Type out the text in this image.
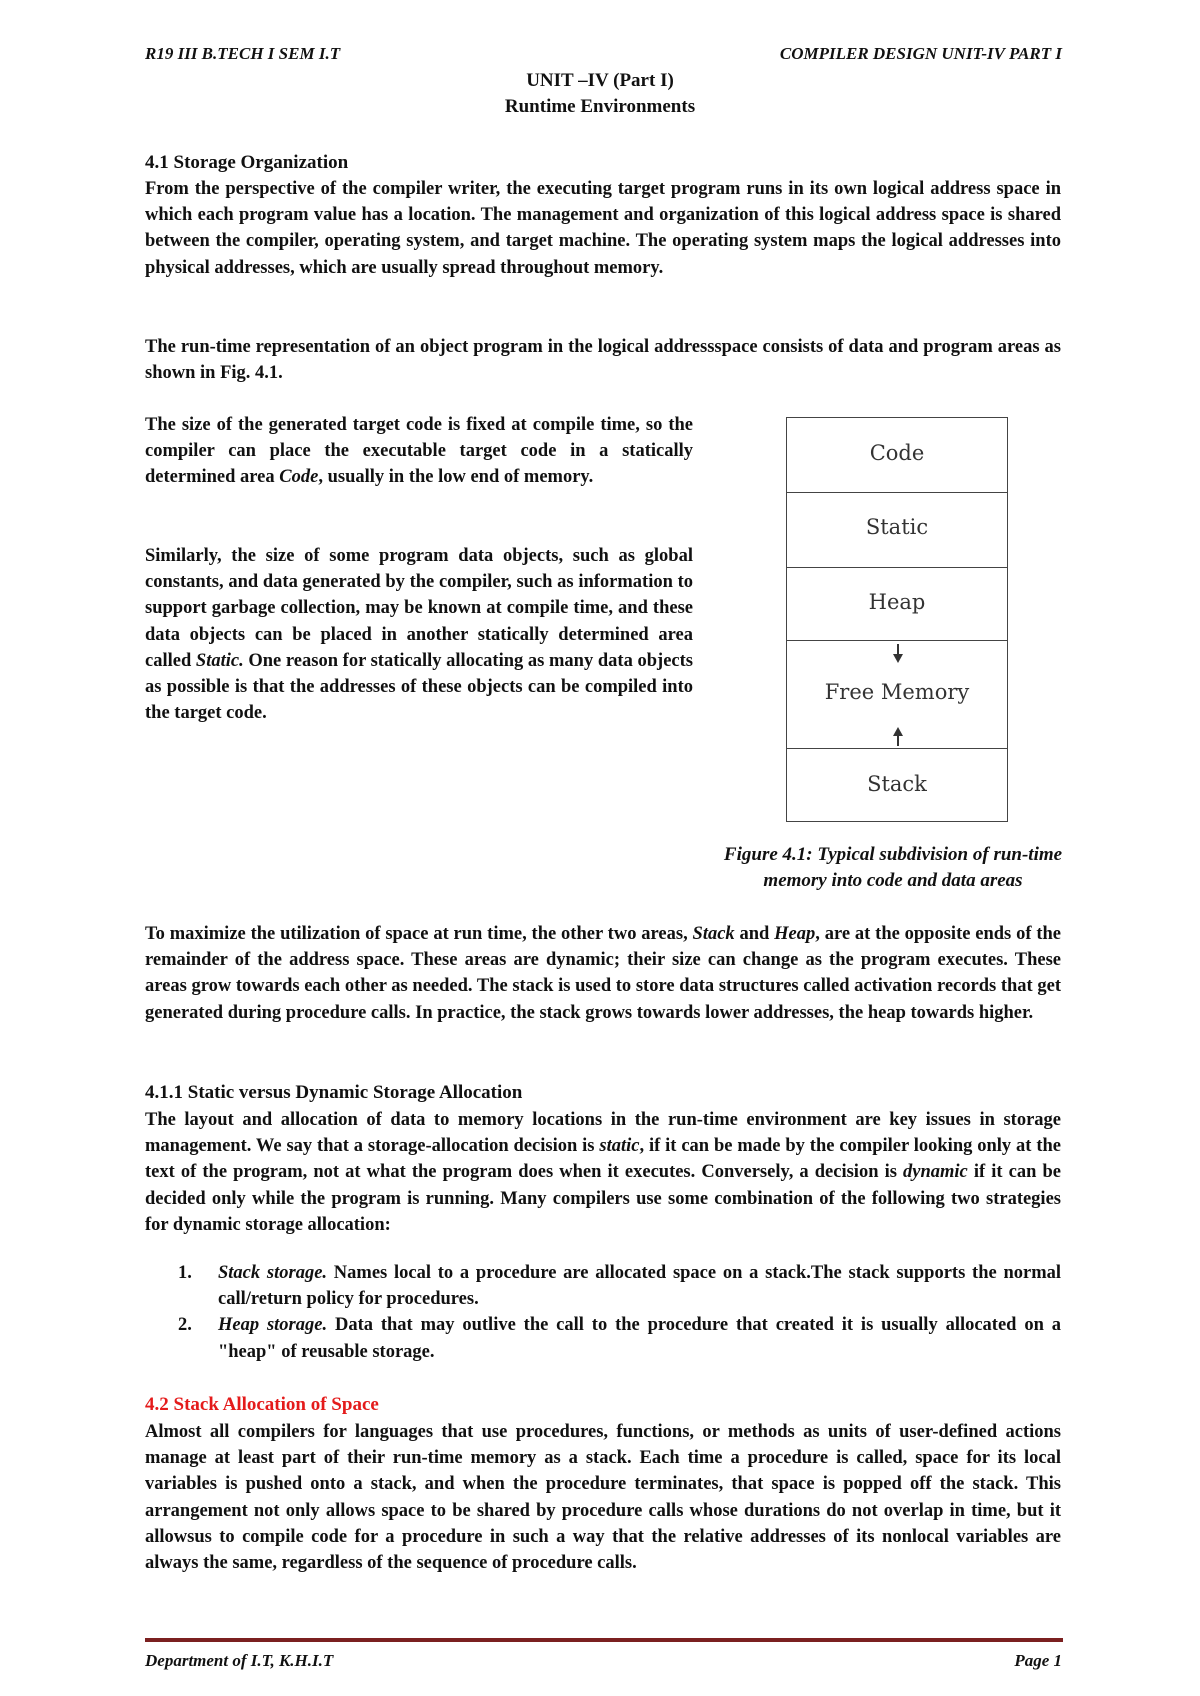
R19 III B.TECH I SEM I.T	COMPILER DESIGN UNIT-IV PART I
UNIT –IV (Part I)
Runtime Environments
4.1 Storage Organization

From the perspective of the compiler writer, the executing target program runs in its own logical address space in which each program value has a location. The management and organization of this logical address space is shared between the compiler, operating system, and target machine. The operating system maps the logical addresses into physical addresses, which are usually spread throughout memory.

The run-time representation of an object program in the logical addressspace consists of data and program areas as shown in Fig. 4.1.

The size of the generated target code is fixed at compile time, so the compiler can place the executable target code in a statically determined area Code, usually in the low end of memory.

Similarly, the size of some program data objects, such as global constants, and data generated by the compiler, such as information to support garbage collection, may be known at compile time, and these data objects can be placed in another statically determined area called Static. One reason for statically allocating as many data objects as possible is that the addresses of these objects can be compiled into the target code.

Code
Static
Heap
Free Memory
Stack
Figure 4.1: Typical subdivision of run-time memory into code and data areas

To maximize the utilization of space at run time, the other two areas, Stack and Heap, are at the opposite ends of the remainder of the address space. These areas are dynamic; their size can change as the program executes. These areas grow towards each other as needed. The stack is used to store data structures called activation records that get generated during procedure calls. In practice, the stack grows towards lower addresses, the heap towards higher.

4.1.1 Static versus Dynamic Storage Allocation

The layout and allocation of data to memory locations in the run-time environment are key issues in storage management. We say that a storage-allocation decision is static, if it can be made by the compiler looking only at the text of the program, not at what the program does when it executes. Conversely, a decision is dynamic if it can be decided only while the program is running. Many compilers use some combination of the following two strategies for dynamic storage allocation:

1. Stack storage. Names local to a procedure are allocated space on a stack.The stack supports the normal call/return policy for procedures.
2. Heap storage. Data that may outlive the call to the procedure that created it is usually allocated on a "heap" of reusable storage.
4.2 Stack Allocation of Space

Almost all compilers for languages that use procedures, functions, or methods as units of user-defined actions manage at least part of their run-time memory as a stack. Each time a procedure is called, space for its local variables is pushed onto a stack, and when the procedure terminates, that space is popped off the stack. This arrangement not only allows space to be shared by procedure calls whose durations do not overlap in time, but it allowsus to compile code for a procedure in such a way that the relative addresses of its nonlocal variables are always the same, regardless of the sequence of procedure calls.

Department of I.T, K.H.I.T	Page 1
